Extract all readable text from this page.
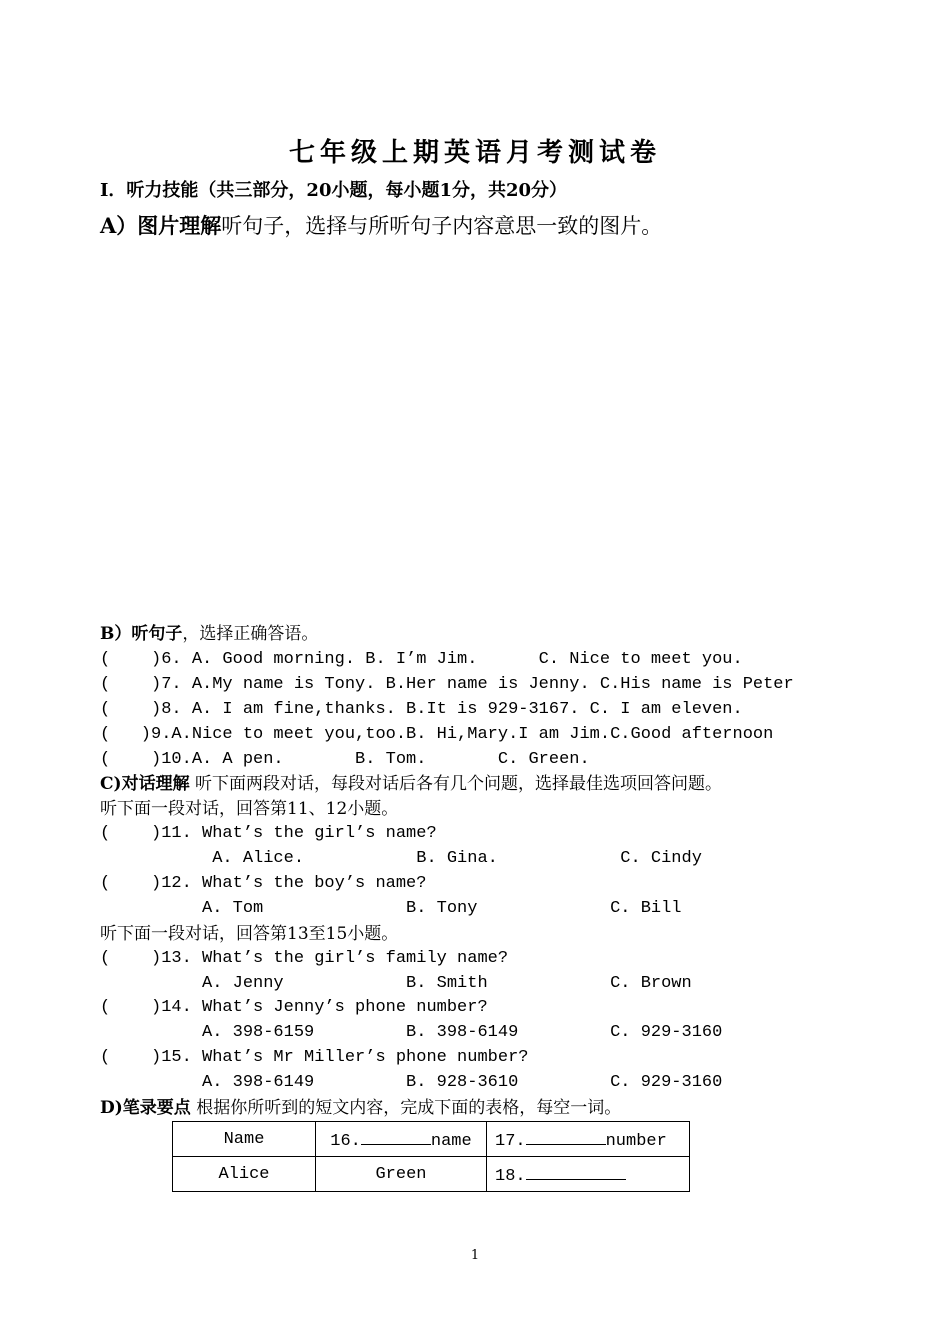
七年级上期英语月考测试卷
I．听力技能（共三部分，20小题，每小题1分，共20分）
A）图片理解听句子，选择与所听句子内容意思一致的图片。
B）听句子，选择正确答语。
(    )6. A. Good morning. B. I’m Jim.      C. Nice to meet you.
(    )7. A.My name is Tony. B.Her name is Jenny. C.His name is Peter
(    )8. A. I am fine,thanks. B.It is 929-3167. C. I am eleven.
(   )9.A.Nice to meet you,too.B. Hi,Mary.I am Jim.C.Good afternoon
(    )10.A. A pen.       B. Tom.       C. Green.
C)对话理解 听下面两段对话，每段对话后各有几个问题，选择最佳选项回答问题。
听下面一段对话，回答第11、12小题。
(    )11. What’s the girl’s name?
A. Alice.           B. Gina.            C. Cindy
(    )12. What’s the boy’s name?
A. Tom              B. Tony             C. Bill
听下面一段对话，回答第13至15小题。
(    )13. What’s the girl’s family name?
A. Jenny            B. Smith            C. Brown
(    )14. What’s Jenny’s phone number?
A. 398-6159         B. 398-6149         C. 929-3160
(    )15. What’s Mr Miller’s phone number?
A. 398-6149         B. 928-3610         C. 929-3160
D)笔录要点 根据你所听到的短文内容，完成下面的表格，每空一词。
Name	16. name	17. number
Alice	Green	18.
1
